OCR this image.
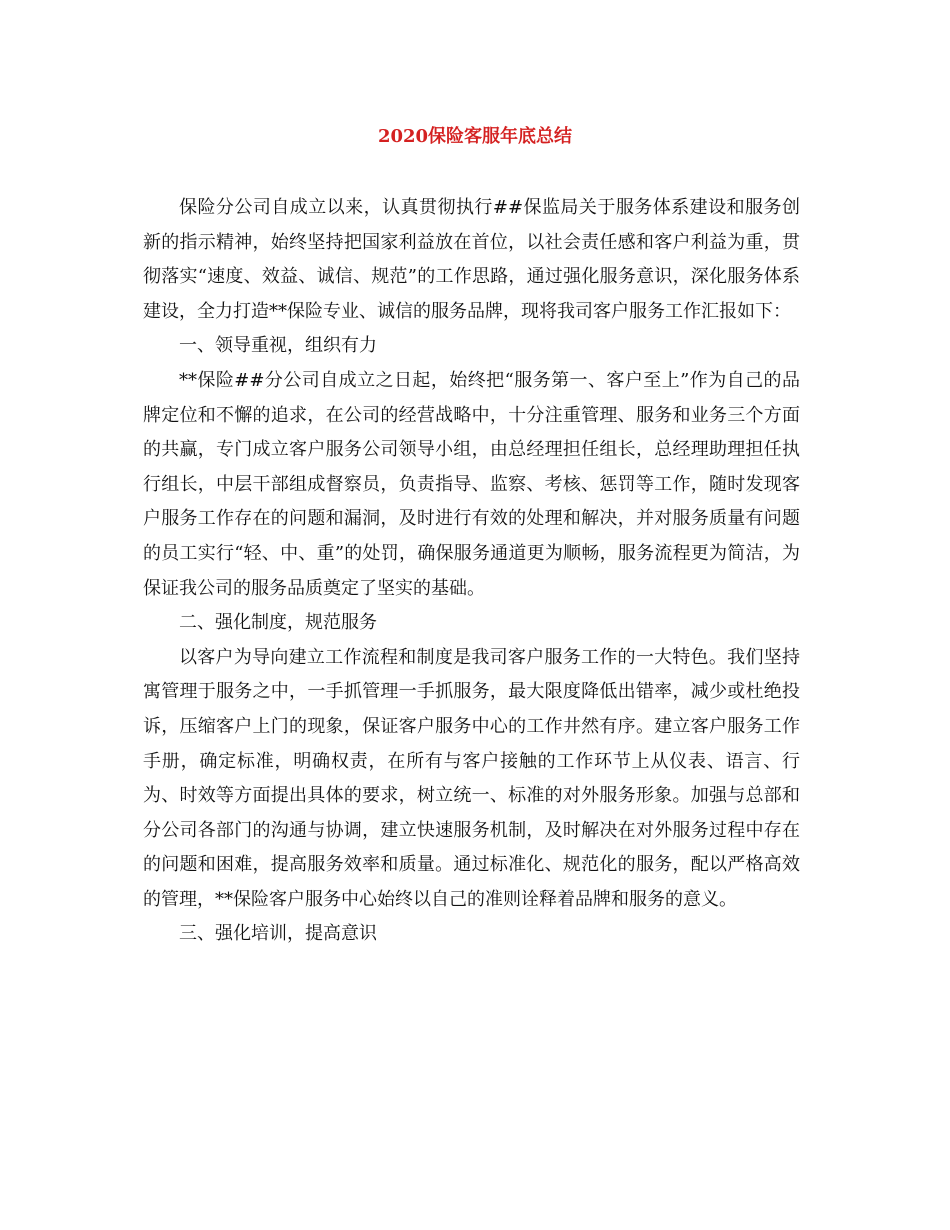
2020保险客服年底总结

保险分公司自成立以来，认真贯彻执行##保监局关于服务体系建设和服务创新的指示精神，始终坚持把国家利益放在首位，以社会责任感和客户利益为重，贯彻落实“速度、效益、诚信、规范”的工作思路，通过强化服务意识，深化服务体系建设，全力打造**保险专业、诚信的服务品牌，现将我司客户服务工作汇报如下：

一、领导重视，组织有力

**保险##分公司自成立之日起，始终把“服务第一、客户至上”作为自己的品牌定位和不懈的追求，在公司的经营战略中，十分注重管理、服务和业务三个方面的共赢，专门成立客户服务公司领导小组，由总经理担任组长，总经理助理担任执行组长，中层干部组成督察员，负责指导、监察、考核、惩罚等工作，随时发现客户服务工作存在的问题和漏洞，及时进行有效的处理和解决，并对服务质量有问题的员工实行“轻、中、重”的处罚，确保服务通道更为顺畅，服务流程更为简洁，为保证我公司的服务品质奠定了坚实的基础。

二、强化制度，规范服务

以客户为导向建立工作流程和制度是我司客户服务工作的一大特色。我们坚持寓管理于服务之中，一手抓管理一手抓服务，最大限度降低出错率，减少或杜绝投诉，压缩客户上门的现象，保证客户服务中心的工作井然有序。建立客户服务工作手册，确定标准，明确权责，在所有与客户接触的工作环节上从仪表、语言、行为、时效等方面提出具体的要求，树立统一、标准的对外服务形象。加强与总部和分公司各部门的沟通与协调，建立快速服务机制，及时解决在对外服务过程中存在的问题和困难，提高服务效率和质量。通过标准化、规范化的服务，配以严格高效的管理，**保险客户服务中心始终以自己的准则诠释着品牌和服务的意义。

三、强化培训，提高意识
